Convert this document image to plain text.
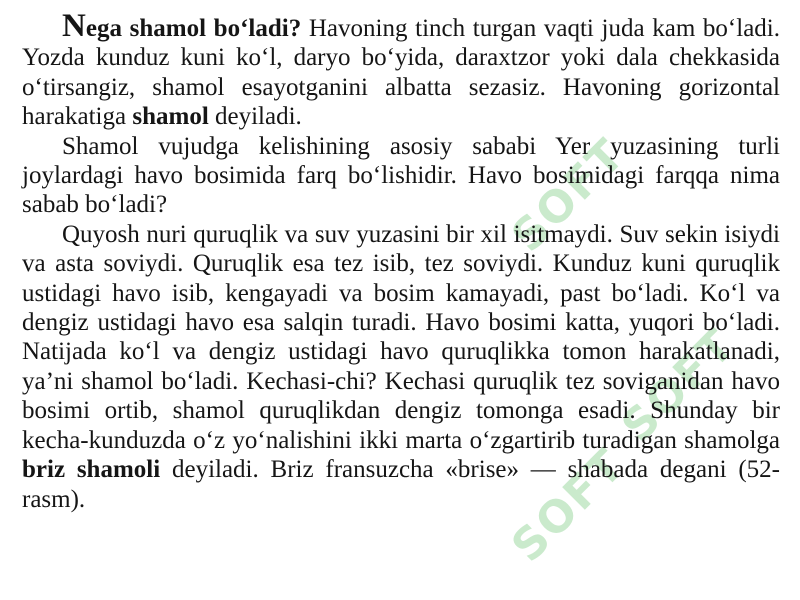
SOFT
SOFT
SOFT

Nega shamol bo‘ladi? Havoning tinch turgan vaqti juda kam bo‘ladi. Yozda kunduz kuni ko‘l, daryo bo‘yida, daraxtzor yoki dala chekkasida o‘tirsangiz, shamol esayotganini albatta sezasiz. Havoning gorizontal harakatiga shamol deyiladi.

Shamol vujudga kelishining asosiy sababi Yer yuzasining turli joylardagi havo bosimida farq bo‘lishidir. Havo bosimidagi farqqa nima sabab bo‘ladi?

Quyosh nuri quruqlik va suv yuzasini bir xil isitmaydi. Suv sekin isiydi va asta soviydi. Quruqlik esa tez isib, tez soviydi. Kunduz kuni quruqlik ustidagi havo isib, kengayadi va bosim kamayadi, past bo‘ladi. Ko‘l va dengiz ustidagi havo esa salqin turadi. Havo bosimi katta, yuqori bo‘ladi. Natijada ko‘l va dengiz ustidagi havo quruqlikka tomon harakatlanadi, ya’ni shamol bo‘ladi. Kechasi-chi? Kechasi quruqlik tez soviganidan havo bosimi ortib, shamol quruqlikdan dengiz tomonga esadi. Shunday bir kecha-kunduzda o‘z yo‘nalishini ikki marta o‘zgartirib turadigan shamolga briz shamoli deyiladi. Briz fransuzcha «brise» — shabada degani (52- rasm).
